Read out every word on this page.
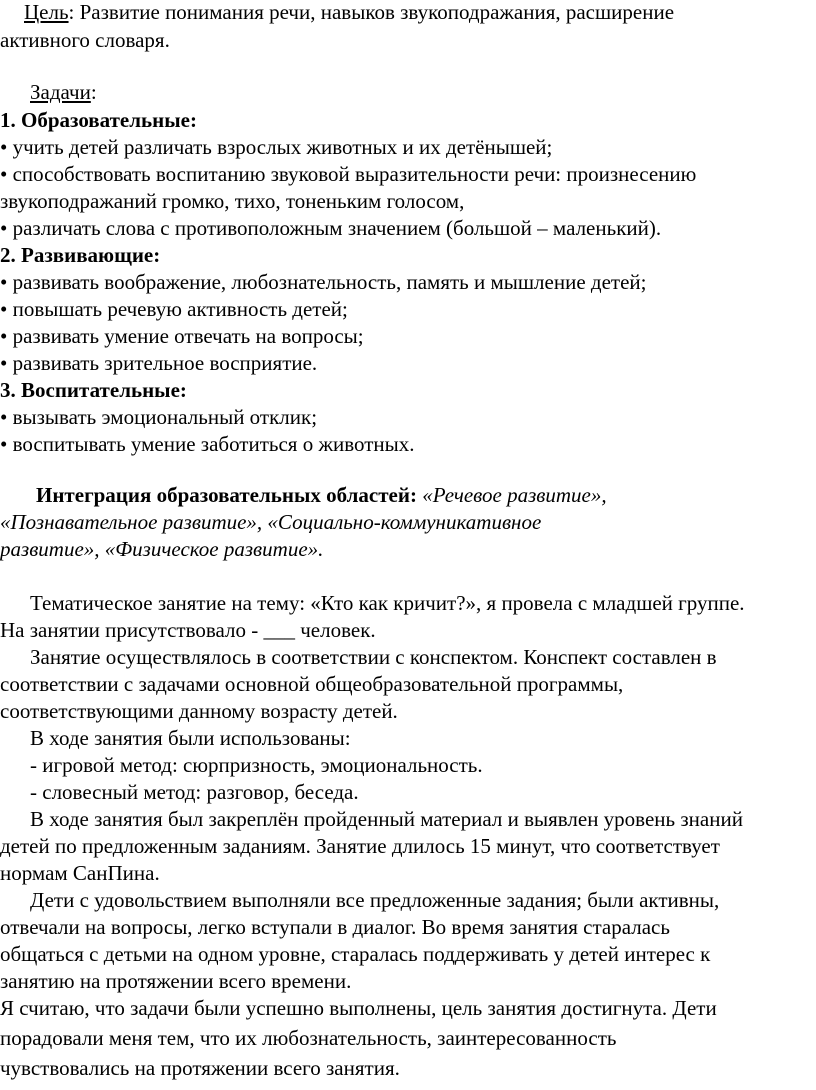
Цель: Развитие понимания речи, навыков звукоподражания, расширение
активного словаря.
Задачи:
1. Образовательные:
• учить детей различать взрослых животных и их детёнышей;
• способствовать воспитанию звуковой выразительности речи: произнесению
звукоподражаний громко, тихо, тоненьким голосом,
• различать слова с противоположным значением (большой – маленький).
2. Развивающие:
• развивать воображение, любознательность, память и мышление детей;
• повышать речевую активность детей;
• развивать умение отвечать на вопросы;
• развивать зрительное восприятие.
3. Воспитательные:
• вызывать эмоциональный отклик;
• воспитывать умение заботиться о животных.
Интеграция образовательных областей: «Речевое развитие»,
«Познавательное развитие», «Социально-коммуникативное
развитие», «Физическое развитие».
Тематическое занятие на тему: «Кто как кричит?», я провела с младшей группе.
На занятии присутствовало - ___ человек.
Занятие осуществлялось в соответствии с конспектом. Конспект составлен в
соответствии с задачами основной общеобразовательной программы,
соответствующими данному возрасту детей.
В ходе занятия были использованы:
- игровой метод: сюрпризность, эмоциональность.
- словесный метод: разговор, беседа.
В ходе занятия был закреплён пройденный материал и выявлен уровень знаний
детей по предложенным заданиям. Занятие длилось 15 минут, что соответствует
нормам СанПина.
Дети с удовольствием выполняли все предложенные задания; были активны,
отвечали на вопросы, легко вступали в диалог. Во время занятия старалась
общаться с детьми на одном уровне, старалась поддерживать у детей интерес к
занятию на протяжении всего времени.
Я считаю, что задачи были успешно выполнены, цель занятия достигнута. Дети
порадовали меня тем, что их любознательность, заинтересованность
чувствовались на протяжении всего занятия.
